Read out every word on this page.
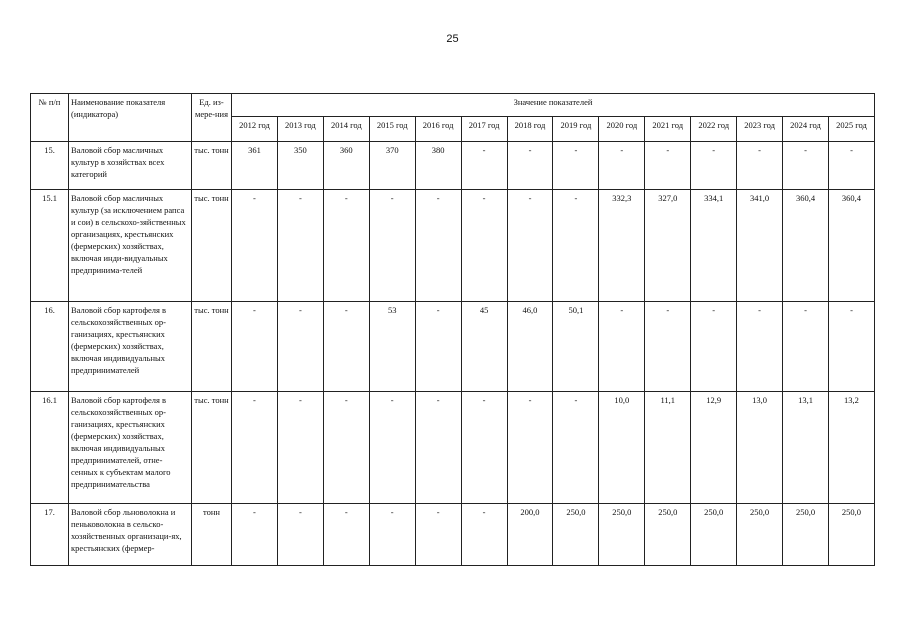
25
№ п/п	Наименование показателя (индикатора)	Ед. из-мере-ния	Значение показателей													
			2012 год	2013 год	2014 год	2015 год	2016 год	2017 год	2018 год	2019 год	2020 год	2021 год	2022 год	2023 год	2024 год	2025 год
15.	Валовой сбор масличных культур в хозяйствах всех категорий	тыс. тонн	361	350	360	370	380	-	-	-	-	-	-	-	-	-
15.1	Валовой сбор масличных культур (за исключением рапса и сои) в сельскохо-зяйственных организациях, крестьянских (фермерских) хозяйствах, включая инди-видуальных предпринима-телей	тыс. тонн	-	-	-	-	-	-	-	-	332,3	327,0	334,1	341,0	360,4	360,4
16.	Валовой сбор картофеля в сельскохозяйственных ор-ганизациях, крестьянских (фермерских) хозяйствах, включая индивидуальных предпринимателей	тыс. тонн	-	-	-	53	-	45	46,0	50,1	-	-	-	-	-	-
16.1	Валовой сбор картофеля в сельскохозяйственных ор-ганизациях, крестьянских (фермерских) хозяйствах, включая индивидуальных предпринимателей, отне-сенных к субъектам малого предпринимательства	тыс. тонн	-	-	-	-	-	-	-	-	10,0	11,1	12,9	13,0	13,1	13,2
17.	Валовой сбор льноволокна и пеньковолокна в сельско-хозяйственных организаци-ях, крестьянских (фермер-	тонн	-	-	-	-	-	-	200,0	250,0	250,0	250,0	250,0	250,0	250,0	250,0
